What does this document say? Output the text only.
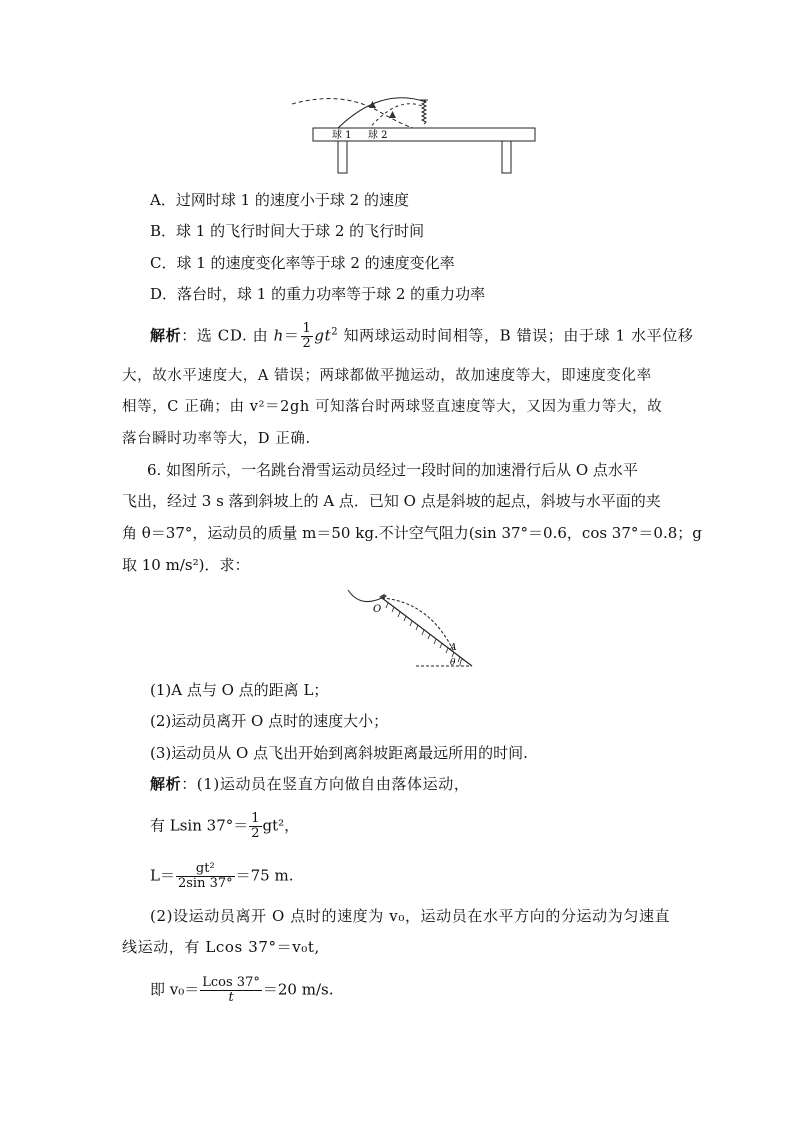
球 1 球 2
A．过网时球 1 的速度小于球 2 的速度
B．球 1 的飞行时间大于球 2 的飞行时间
C．球 1 的速度变化率等于球 2 的速度变化率
D．落台时，球 1 的重力功率等于球 2 的重力功率
解析：选 CD. 由 $h= \frac{1}{2} gt^2$ 知两球运动时间相等，B 错误；由于球 1 水平位移
大，故水平速度大，A 错误；两球都做平抛运动，故加速度等大，即速度变化率
相等，C 正确；由 v²＝2gh 可知落台时两球竖直速度等大，又因为重力等大，故
落台瞬时功率等大，D 正确.
6. 如图所示，一名跳台滑雪运动员经过一段时间的加速滑行后从 O 点水平
飞出，经过 3 s 落到斜坡上的 A 点．已知 O 点是斜坡的起点，斜坡与水平面的夹
角 θ＝37°，运动员的质量 m＝50 kg.不计空气阻力(sin 37°＝0.6，cos 37°＝0.8；g
取 10 m/s²)．求：
O
A
θ
(1)A 点与 O 点的距离 L；
(2)运动员离开 O 点时的速度大小；
(3)运动员从 O 点飞出开始到离斜坡距离最远所用的时间.
解析：(1)运动员在竖直方向做自由落体运动，
有 Lsin $37^\circ= \frac{1}{2} gt^2$，
$L= \frac{\text{gt²}}{2\sin 37^\circ} =75$ m.
(2)设运动员离开 O 点时的速度为 v₀，运动员在水平方向的分运动为匀速直
线运动，有 Lcos 37°＝v₀t,
即 $v_0= \frac{Lcos 37^\circ}{t} =20$ m/s.
